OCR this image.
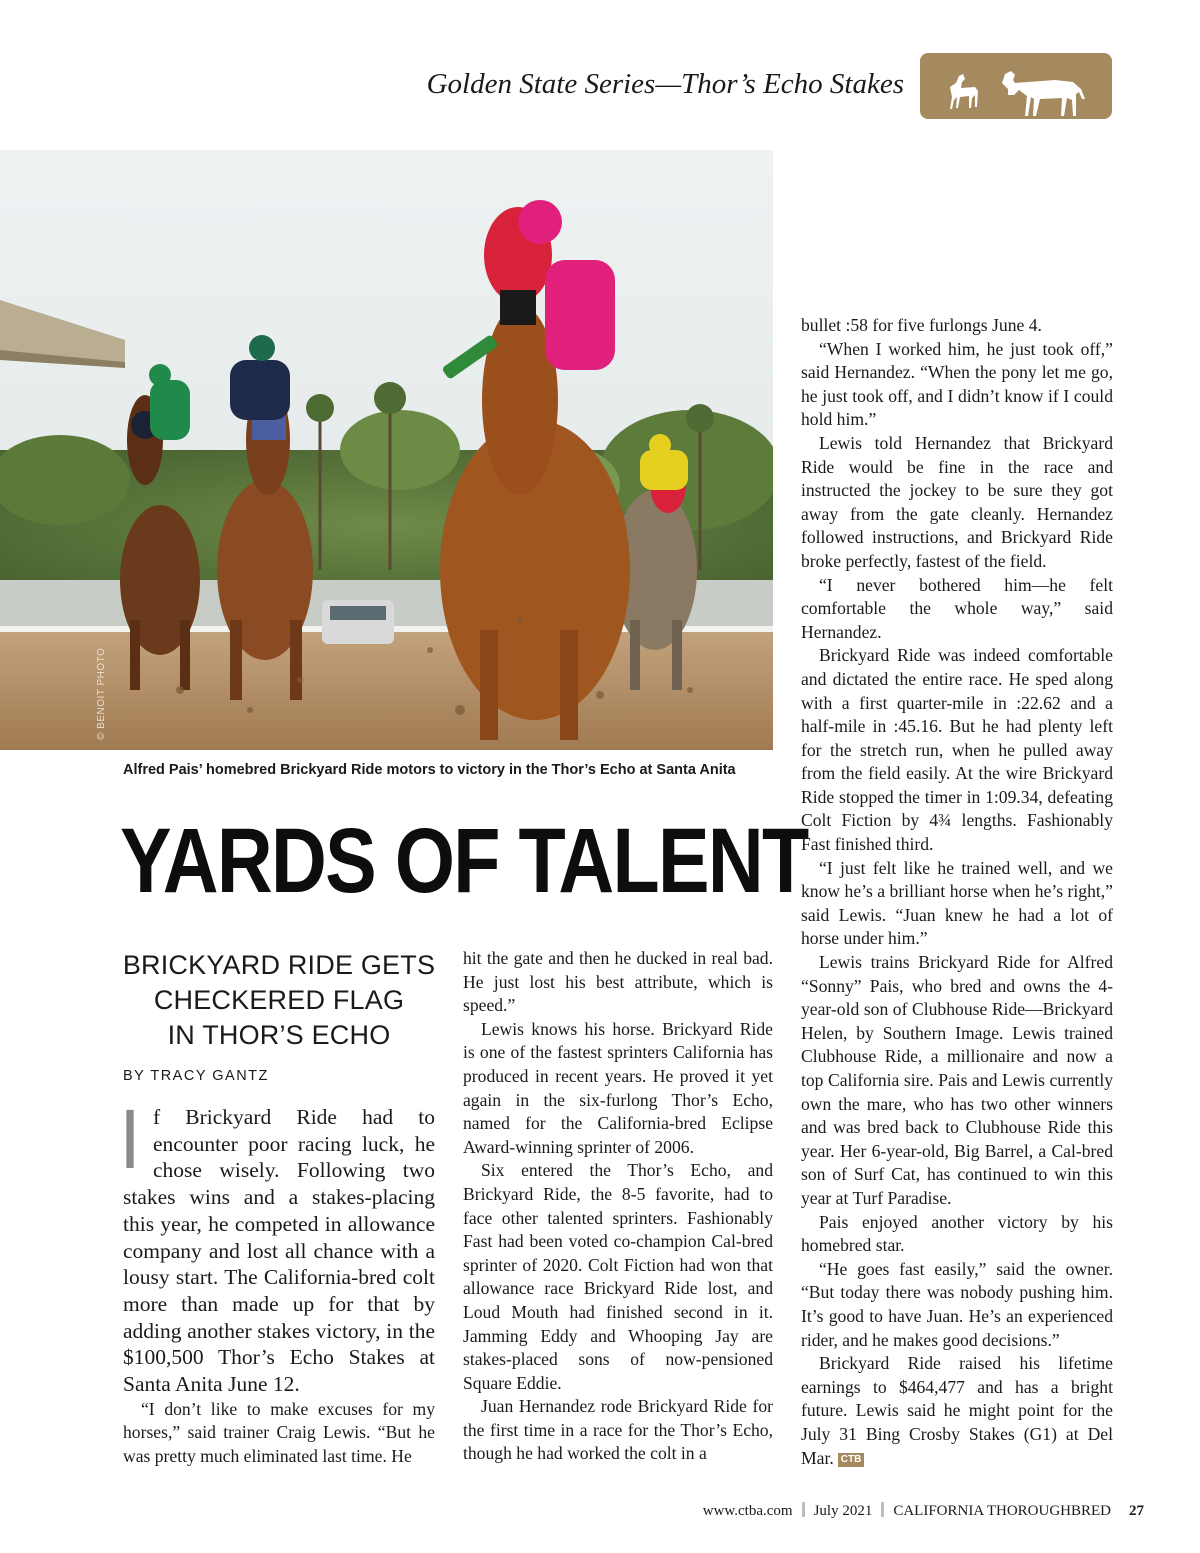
Golden State Series—Thor’s Echo Stakes
© BENOIT PHOTO
Alfred Pais’ homebred Brickyard Ride motors to victory in the Thor’s Echo at Santa Anita
YARDS OF TALENT
BRICKYARD RIDE GETS
CHECKERED FLAG
IN THOR’S ECHO
BY TRACY GANTZ

If Brickyard Ride had to encounter poor racing luck, he chose wisely. Following two stakes wins and a stakes-placing this year, he competed in allowance company and lost all chance with a lousy start. The California-bred colt more than made up for that by adding another stakes victory, in the $100,500 Thor’s Echo Stakes at Santa Anita June 12.

“I don’t like to make excuses for my horses,” said trainer Craig Lewis. “But he was pretty much eliminated last time. He

hit the gate and then he ducked in real bad. He just lost his best attribute, which is speed.”

Lewis knows his horse. Brickyard Ride is one of the fastest sprinters California has produced in recent years. He proved it yet again in the six-furlong Thor’s Echo, named for the California-bred Eclipse Award-winning sprinter of 2006.

Six entered the Thor’s Echo, and Brickyard Ride, the 8-5 favorite, had to face other talented sprinters. Fashionably Fast had been voted co-champion Cal-bred sprinter of 2020. Colt Fiction had won that allowance race Brickyard Ride lost, and Loud Mouth had finished second in it. Jamming Eddy and Whooping Jay are stakes-placed sons of now-pensioned Square Eddie.

Juan Hernandez rode Brickyard Ride for the first time in a race for the Thor’s Echo, though he had worked the colt in a

bullet :58 for five furlongs June 4.

“When I worked him, he just took off,” said Hernandez. “When the pony let me go, he just took off, and I didn’t know if I could hold him.”

Lewis told Hernandez that Brickyard Ride would be fine in the race and instructed the jockey to be sure they got away from the gate cleanly. Hernandez followed instructions, and Brickyard Ride broke perfectly, fastest of the field.

“I never bothered him—he felt comfortable the whole way,” said Hernandez.

Brickyard Ride was indeed comfortable and dictated the entire race. He sped along with a first quarter-mile in :22.62 and a half-mile in :45.16. But he had plenty left for the stretch run, when he pulled away from the field easily. At the wire Brickyard Ride stopped the timer in 1:09.34, defeating Colt Fiction by 4¾ lengths. Fashionably Fast finished third.

“I just felt like he trained well, and we know he’s a brilliant horse when he’s right,” said Lewis. “Juan knew he had a lot of horse under him.”

Lewis trains Brickyard Ride for Alfred “Sonny” Pais, who bred and owns the 4-year-old son of Clubhouse Ride—Brickyard Helen, by Southern Image. Lewis trained Clubhouse Ride, a millionaire and now a top California sire. Pais and Lewis currently own the mare, who has two other winners and was bred back to Clubhouse Ride this year. Her 6-year-old, Big Barrel, a Cal-bred son of Surf Cat, has continued to win this year at Turf Paradise.

Pais enjoyed another victory by his homebred star.

“He goes fast easily,” said the owner. “But today there was nobody pushing him. It’s good to have Juan. He’s an experienced rider, and he makes good decisions.”

Brickyard Ride raised his lifetime earnings to $464,477 and has a bright future. Lewis said he might point for the July 31 Bing Crosby Stakes (G1) at Del Mar. CTB

www.ctba.com July 2021 CALIFORNIA THOROUGHBRED 27
